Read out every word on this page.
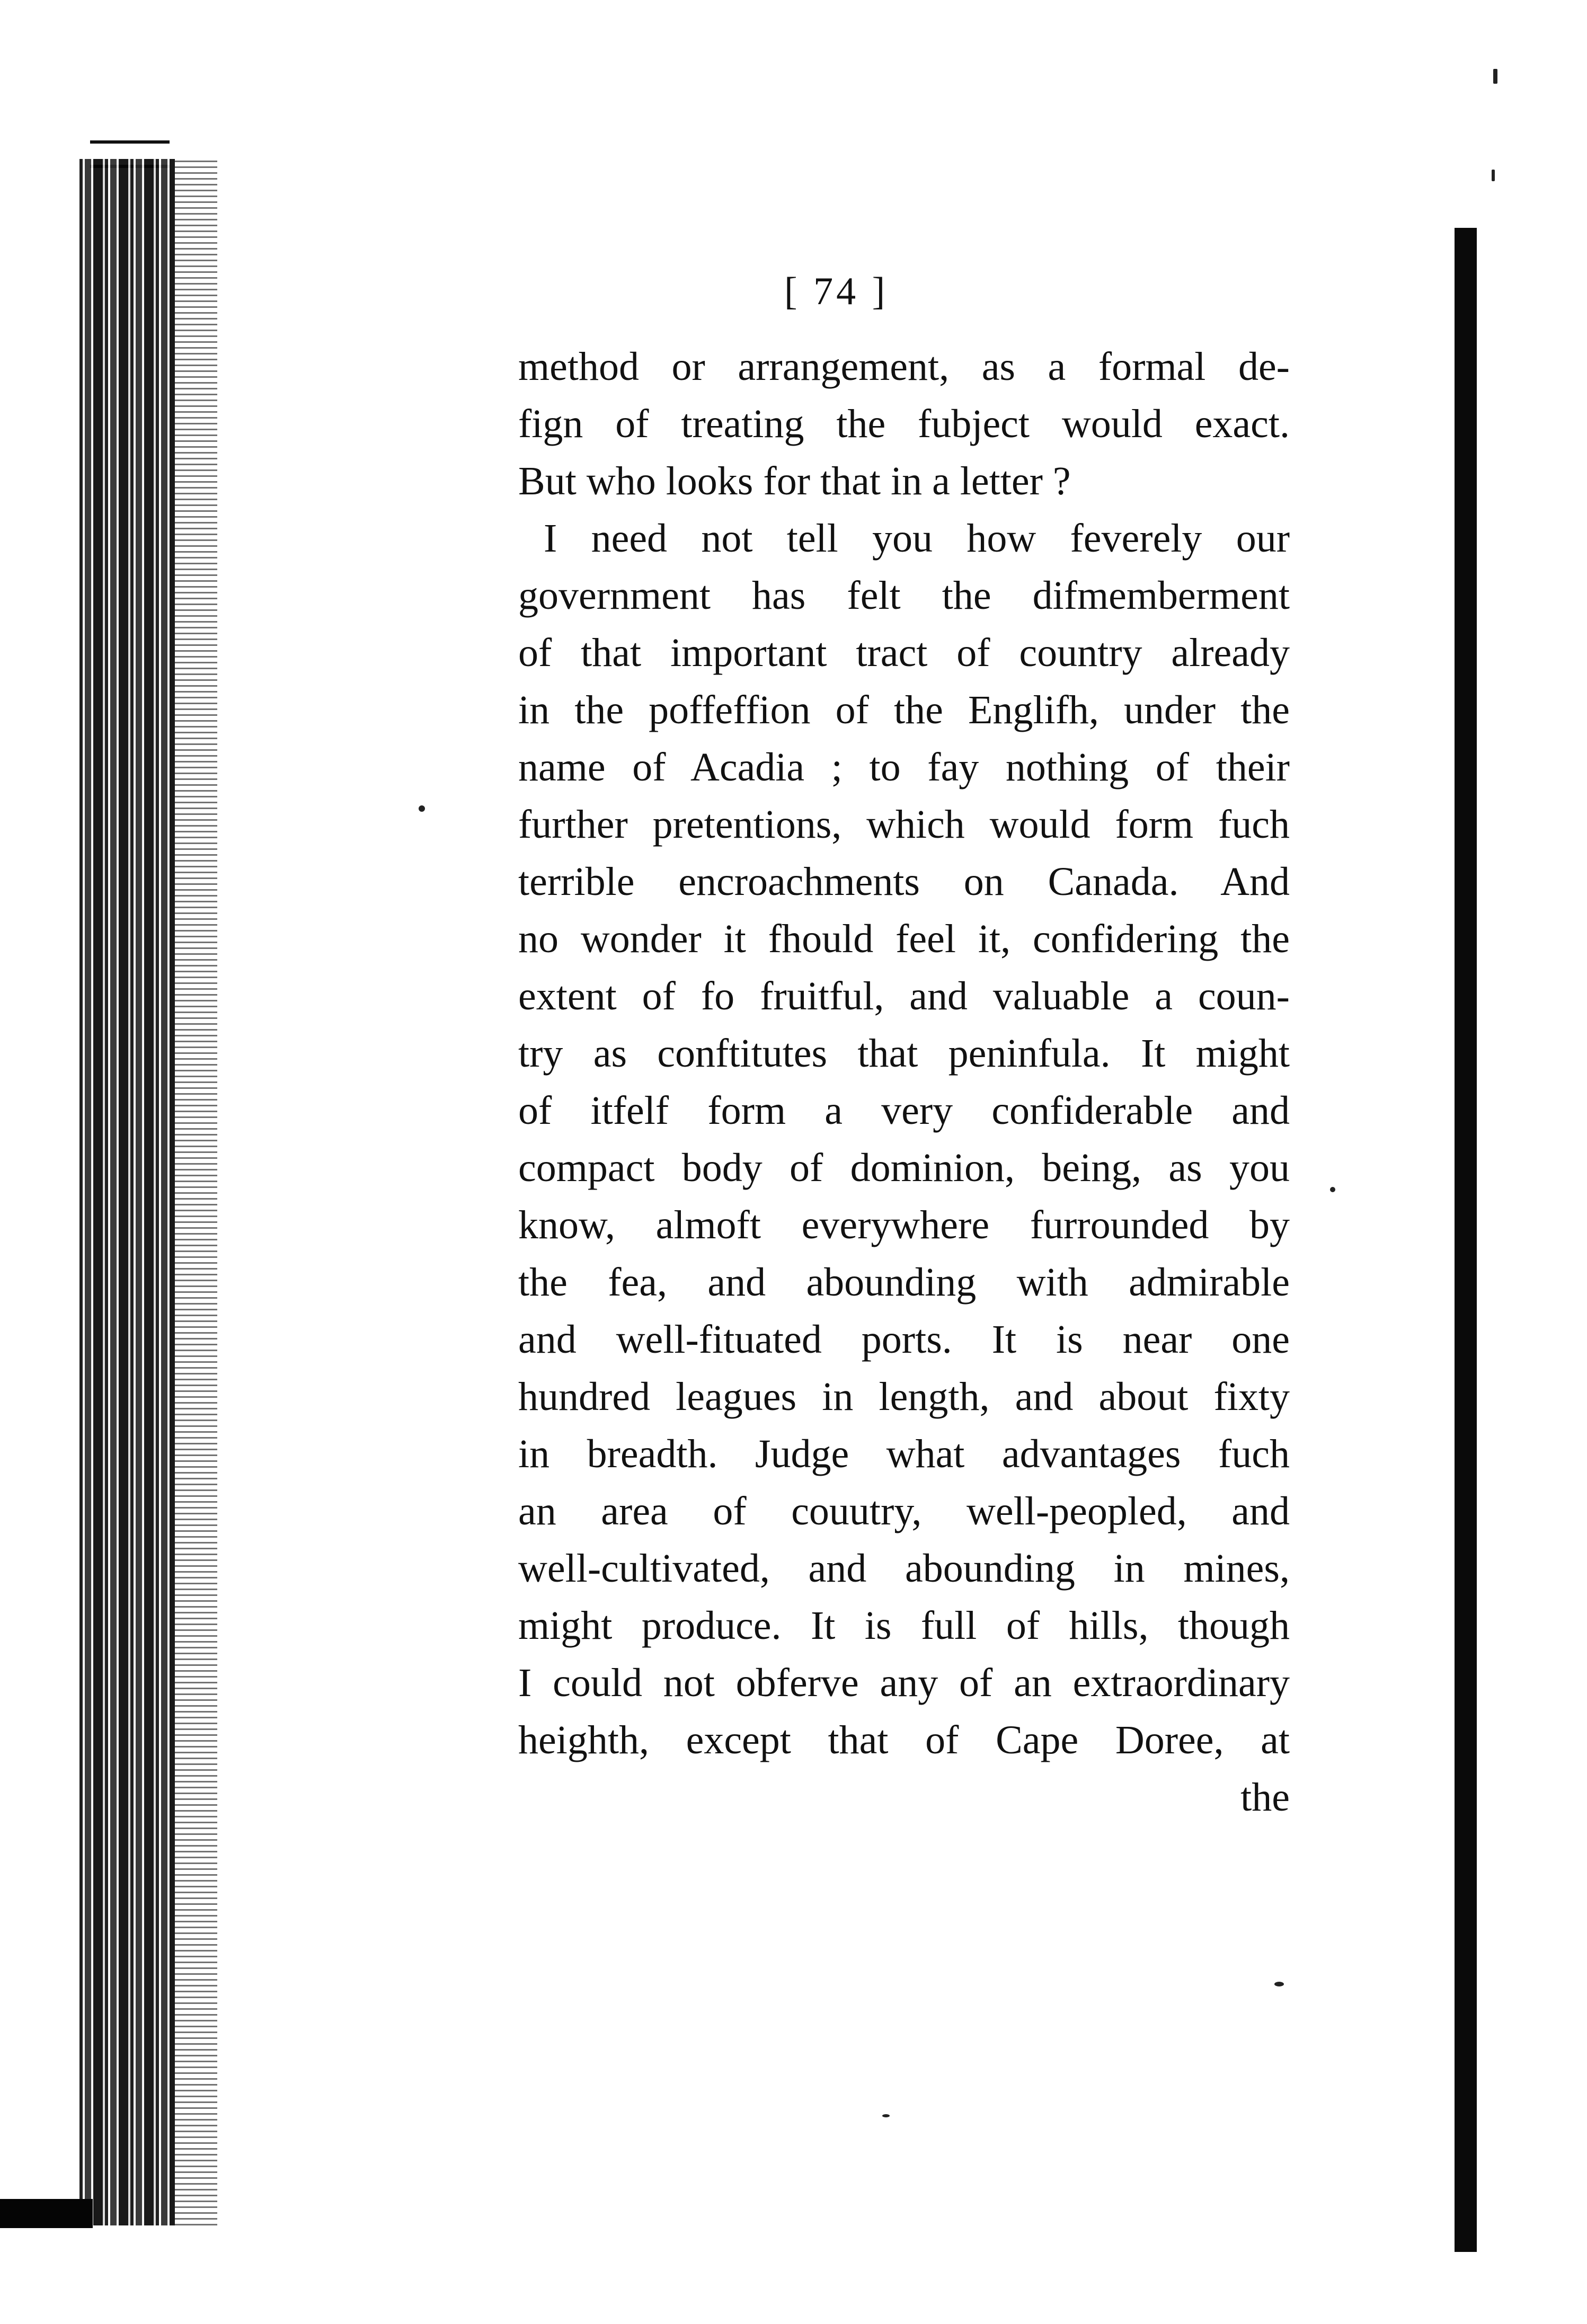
[ 74 ]
method or arrangement, as a formal de-
fign of treating the fubject would exact.
But who looks for that in a letter ?
I need not tell you how feverely our
government has felt the difmemberment
of that important tract of country already
in the poffeffion of the Englifh, under the
name of Acadia ; to fay nothing of their
further pretentions, which would form fuch
terrible encroachments on Canada. And
no wonder it fhould feel it, confidering the
extent of fo fruitful, and valuable a coun-
try as conftitutes that peninfula. It might
of itfelf form a very confiderable and
compact body of dominion, being, as you
know, almoft everywhere furrounded by
the fea, and abounding with admirable
and well-fituated ports. It is near one
hundred leagues in length, and about fixty
in breadth. Judge what advantages fuch
an area of couutry, well-peopled, and
well-cultivated, and abounding in mines,
might produce. It is full of hills, though
I could not obferve any of an extraordinary
heighth, except that of Cape Doree, at
the
